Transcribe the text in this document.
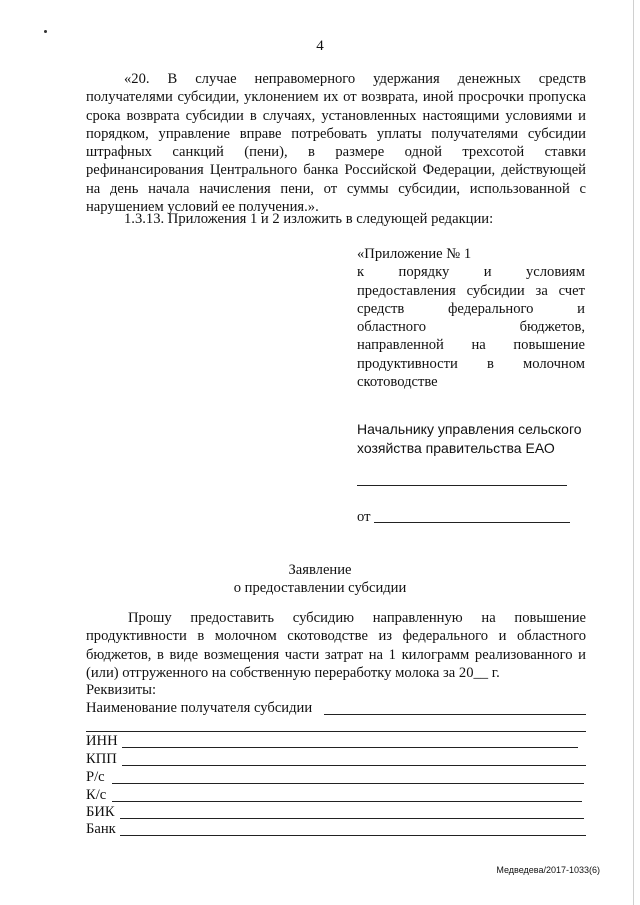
4
«20. В случае неправомерного удержания денежных средств получателями субсидии, уклонением их от возврата, иной просрочки пропуска срока возврата субсидии в случаях, установленных настоящими условиями и порядком, управление вправе потребовать уплаты получателями субсидии штрафных санкций (пени), в размере одной трехсотой ставки рефинансирования Центрального банка Российской Федерации, действующей на день начала начисления пени, от суммы субсидии, использованной с нарушением условий ее получения.».
1.3.13. Приложения 1 и 2 изложить в следующей редакции:
«Приложение № 1
к порядку и условиям
предоставления субсидии за счет
средств федерального и
областного бюджетов,
направленной на повышение
продуктивности в молочном
скотоводстве
Начальнику управления сельского хозяйства правительства ЕАО
от
Заявление
о предоставлении субсидии
Прошу предоставить субсидию направленную на повышение продуктивности в молочном скотоводстве из федерального и областного бюджетов, в виде возмещения части затрат на 1 килограмм реализованного и (или) отгруженного на собственную переработку молока за 20__ г.
Реквизиты:
Наименование получателя субсидии
ИНН
КПП
Р/с
К/с
БИК
Банк
Медведева/2017-1033(6)
